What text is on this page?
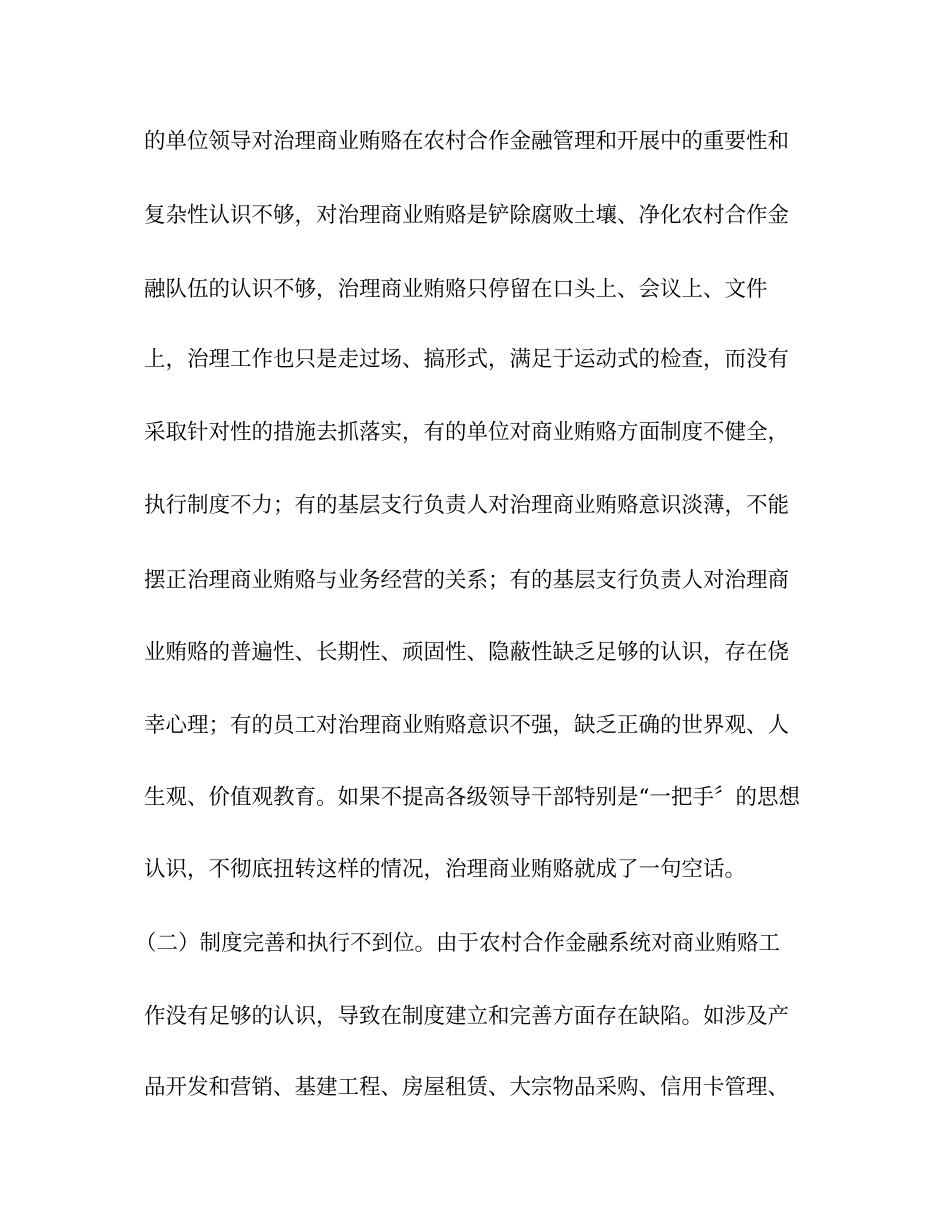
的单位领导对治理商业贿赂在农村合作金融管理和开展中的重要性和
复杂性认识不够，对治理商业贿赂是铲除腐败土壤、净化农村合作金
融队伍的认识不够，治理商业贿赂只停留在口头上、会议上、文件
上，治理工作也只是走过场、搞形式，满足于运动式的检查，而没有
采取针对性的措施去抓落实，有的单位对商业贿赂方面制度不健全，
执行制度不力；有的基层支行负责人对治理商业贿赂意识淡薄，不能
摆正治理商业贿赂与业务经营的关系；有的基层支行负责人对治理商
业贿赂的普遍性、长期性、顽固性、隐蔽性缺乏足够的认识，存在侥
幸心理；有的员工对治理商业贿赂意识不强，缺乏正确的世界观、人
生观、价值观教育。如果不提高各级领导干部特别是“一把手〞的思想
认识，不彻底扭转这样的情况，治理商业贿赂就成了一句空话。
（二）制度完善和执行不到位。由于农村合作金融系统对商业贿赂工
作没有足够的认识，导致在制度建立和完善方面存在缺陷。如涉及产
品开发和营销、基建工程、房屋租赁、大宗物品采购、信用卡管理、
